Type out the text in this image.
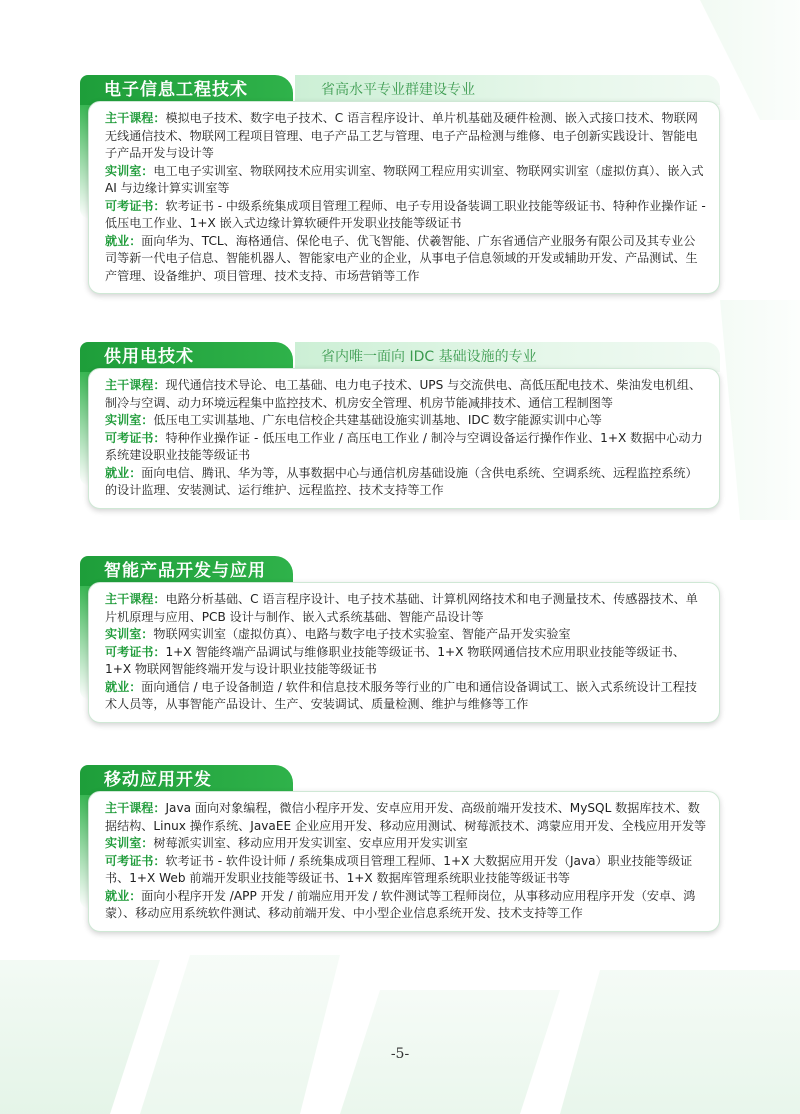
省高水平专业群建设专业
电子信息工程技术

主干课程：模拟电子技术、数字电子技术、C 语言程序设计、单片机基础及硬件检测、嵌入式接口技术、物联网无线通信技术、物联网工程项目管理、电子产品工艺与管理、电子产品检测与维修、电子创新实践设计、智能电子产品开发与设计等

实训室：电工电子实训室、物联网技术应用实训室、物联网工程应用实训室、物联网实训室（虚拟仿真）、嵌入式 AI 与边缘计算实训室等

可考证书：软考证书 - 中级系统集成项目管理工程师、电子专用设备装调工职业技能等级证书、特种作业操作证 - 低压电工作业、1+X 嵌入式边缘计算软硬件开发职业技能等级证书

就业：面向华为、TCL、海格通信、保伦电子、优飞智能、伏羲智能、广东省通信产业服务有限公司及其专业公司等新一代电子信息、智能机器人、智能家电产业的企业，从事电子信息领域的开发或辅助开发、产品测试、生产管理、设备维护、项目管理、技术支持、市场营销等工作

省内唯一面向 IDC 基础设施的专业
供用电技术

主干课程：现代通信技术导论、电工基础、电力电子技术、UPS 与交流供电、高低压配电技术、柴油发电机组、制冷与空调、动力环境远程集中监控技术、机房安全管理、机房节能减排技术、通信工程制图等

实训室：低压电工实训基地、广东电信校企共建基础设施实训基地、IDC 数字能源实训中心等

可考证书：特种作业操作证 - 低压电工作业 / 高压电工作业 / 制冷与空调设备运行操作作业、1+X 数据中心动力系统建设职业技能等级证书

就业：面向电信、腾讯、华为等，从事数据中心与通信机房基础设施（含供电系统、空调系统、远程监控系统）的设计监理、安装测试、运行维护、远程监控、技术支持等工作

智能产品开发与应用

主干课程：电路分析基础、C 语言程序设计、电子技术基础、计算机网络技术和电子测量技术、传感器技术、单片机原理与应用、PCB 设计与制作、嵌入式系统基础、智能产品设计等

实训室：物联网实训室（虚拟仿真）、电路与数字电子技术实验室、智能产品开发实验室

可考证书：1+X 智能终端产品调试与维修职业技能等级证书、1+X 物联网通信技术应用职业技能等级证书、1+X 物联网智能终端开发与设计职业技能等级证书

就业：面向通信 / 电子设备制造 / 软件和信息技术服务等行业的广电和通信设备调试工、嵌入式系统设计工程技术人员等，从事智能产品设计、生产、安装调试、质量检测、维护与维修等工作

移动应用开发

主干课程：Java 面向对象编程，微信小程序开发、安卓应用开发、高级前端开发技术、MySQL 数据库技术、数据结构、Linux 操作系统、JavaEE 企业应用开发、移动应用测试、树莓派技术、鸿蒙应用开发、全栈应用开发等

实训室：树莓派实训室、移动应用开发实训室、安卓应用开发实训室

可考证书：软考证书 - 软件设计师 / 系统集成项目管理工程师、1+X 大数据应用开发（Java）职业技能等级证书、1+X Web 前端开发职业技能等级证书、1+X 数据库管理系统职业技能等级证书等

就业：面向小程序开发 /APP 开发 / 前端应用开发 / 软件测试等工程师岗位，从事移动应用程序开发（安卓、鸿蒙）、移动应用系统软件测试、移动前端开发、中小型企业信息系统开发、技术支持等工作

-5-
